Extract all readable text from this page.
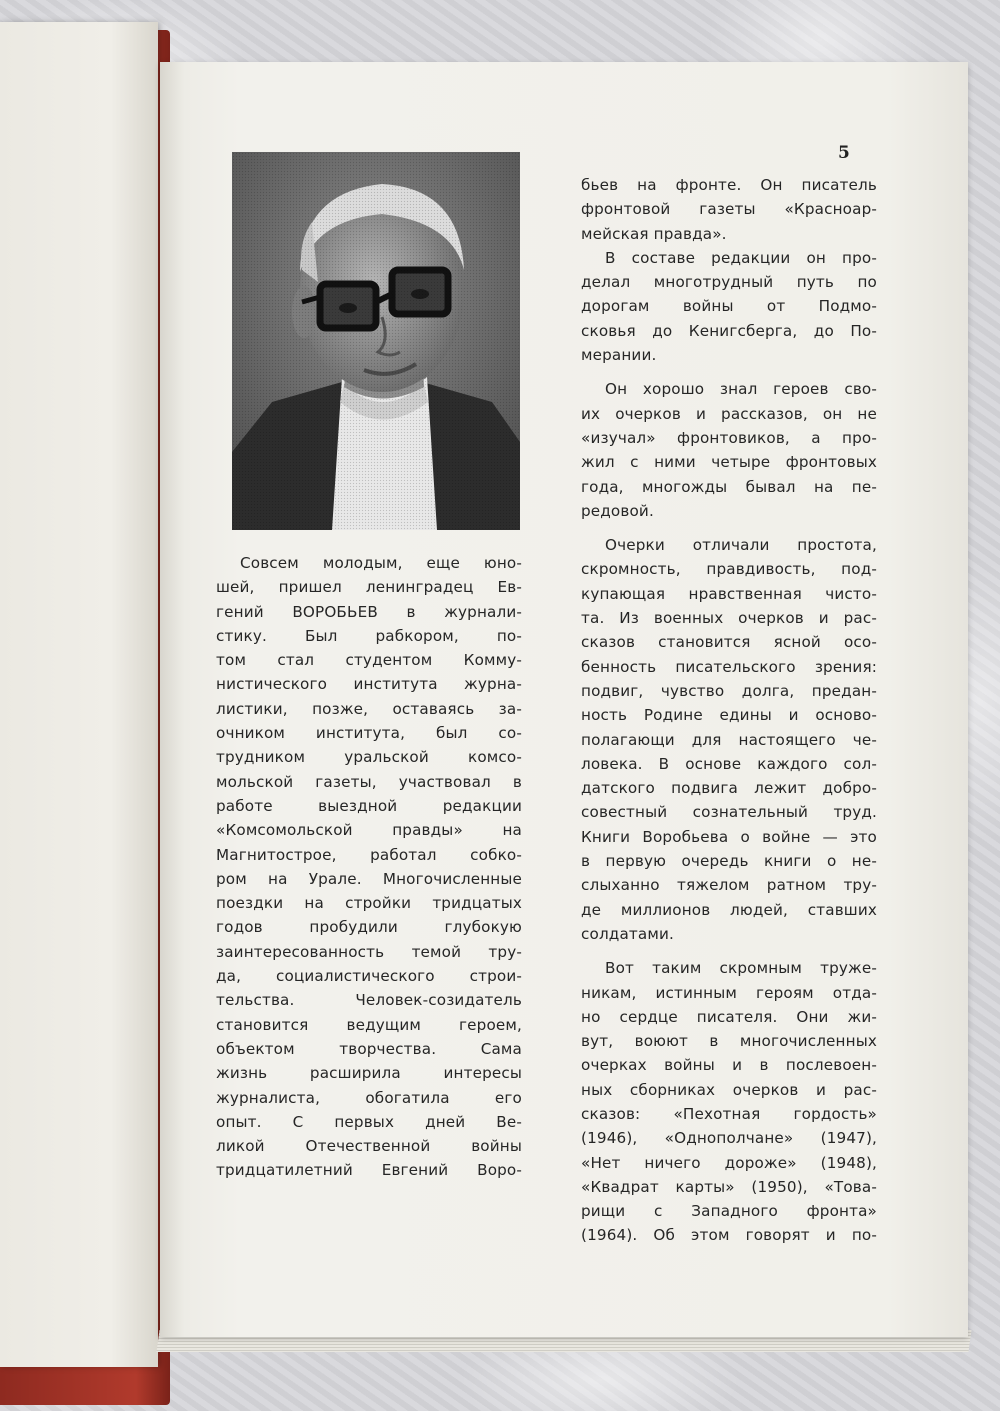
5
Совсем молодым, еще юно-
шей, пришел ленинградец Ев-
гений ВОРОБЬЕВ в журнали-
стику. Был рабкором, по-
том стал студентом Комму-
нистического института журна-
листики, позже, оставаясь за-
очником института, был со-
трудником уральской комсо-
мольской газеты, участвовал в
работе выездной редакции
«Комсомольской правды» на
Магнитострое, работал собко-
ром на Урале. Многочисленные
поездки на стройки тридцатых
годов пробудили глубокую
заинтересованность темой тру-
да, социалистического строи-
тельства. Человек-созидатель
становится ведущим героем,
объектом творчества. Сама
жизнь расширила интересы
журналиста, обогатила его
опыт. С первых дней Ве-
ликой Отечественной войны
тридцатилетний Евгений Воро-
бьев на фронте. Он писатель
фронтовой газеты «Красноар-
мейская правда».
В составе редакции он про-
делал многотрудный путь по
дорогам войны от Подмо-
сковья до Кенигсберга, до По-
мерании.
Он хорошо знал героев сво-
их очерков и рассказов, он не
«изучал» фронтовиков, а про-
жил с ними четыре фронтовых
года, многожды бывал на пе-
редовой.
Очерки отличали простота,
скромность, правдивость, под-
купающая нравственная чисто-
та. Из военных очерков и рас-
сказов становится ясной осо-
бенность писательского зрения:
подвиг, чувство долга, предан-
ность Родине едины и осново-
полагающи для настоящего че-
ловека. В основе каждого сол-
датского подвига лежит добро-
совестный сознательный труд.
Книги Воробьева о войне — это
в первую очередь книги о не-
слыханно тяжелом ратном тру-
де миллионов людей, ставших
солдатами.
Вот таким скромным труже-
никам, истинным героям отда-
но сердце писателя. Они жи-
вут, воюют в многочисленных
очерках войны и в послевоен-
ных сборниках очерков и рас-
сказов: «Пехотная гордость»
(1946), «Однополчане» (1947),
«Нет ничего дороже» (1948),
«Квадрат карты» (1950), «Това-
рищи с Западного фронта»
(1964). Об этом говорят и по-
